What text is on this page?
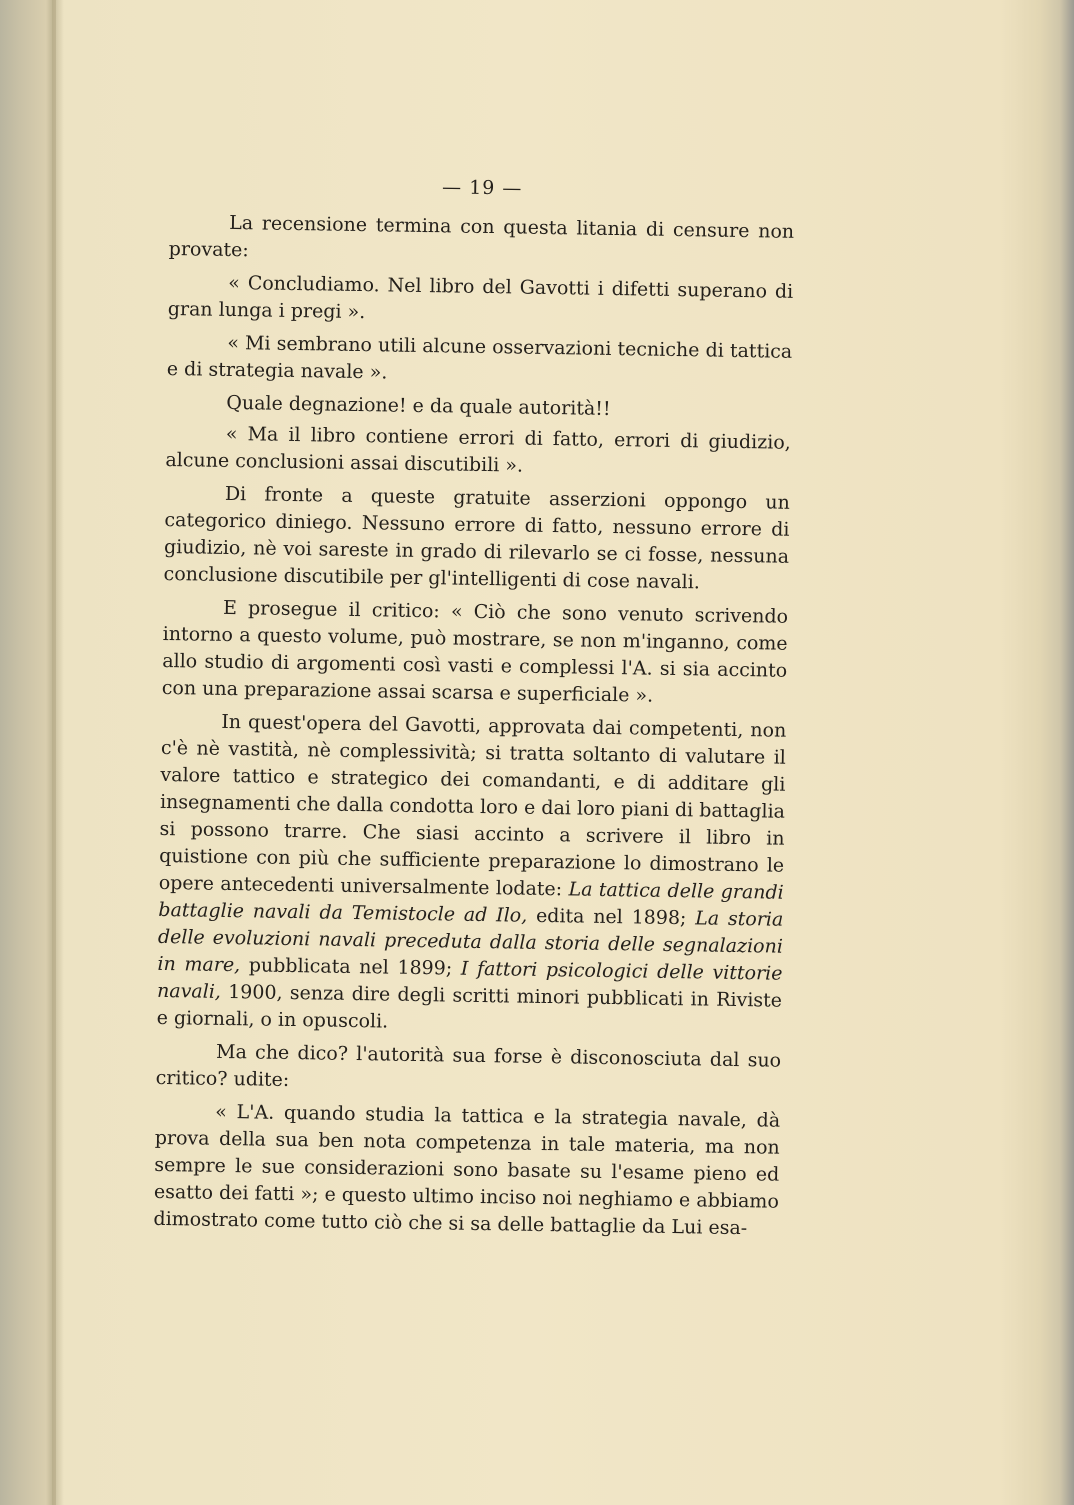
— 19 —

La recensione termina con questa litania di censure non provate:

« Concludiamo. Nel libro del Gavotti i difetti superano di gran lunga i pregi ».

« Mi sembrano utili alcune osservazioni tecniche di tattica e di strategia navale ».

Quale degnazione! e da quale autorità!!

« Ma il libro contiene errori di fatto, errori di giudizio, alcune conclusioni assai discutibili ».

Di fronte a queste gratuite asserzioni oppongo un categorico diniego. Nessuno errore di fatto, nessuno errore di giudizio, nè voi sareste in grado di rilevarlo se ci fosse, nessuna conclusione discutibile per gl'intelligenti di cose navali.

E prosegue il critico: « Ciò che sono venuto scrivendo intorno a questo volume, può mostrare, se non m'inganno, come allo studio di argomenti così vasti e complessi l'A. si sia accinto con una preparazione assai scarsa e superficiale ».

In quest'opera del Gavotti, approvata dai competenti, non c'è nè vastità, nè complessività; si tratta soltanto di valutare il valore tattico e strategico dei comandanti, e di additare gli insegnamenti che dalla condotta loro e dai loro piani di battaglia si possono trarre. Che siasi accinto a scrivere il libro in quistione con più che sufficiente preparazione lo dimostrano le opere antecedenti universalmente lodate: La tattica delle grandi battaglie navali da Temistocle ad Ilo, edita nel 1898; La storia delle evoluzioni navali preceduta dalla storia delle segnalazioni in mare, pubblicata nel 1899; I fattori psicologici delle vittorie navali, 1900, senza dire degli scritti minori pubblicati in Riviste e giornali, o in opuscoli.

Ma che dico? l'autorità sua forse è disconosciuta dal suo critico? udite:

« L'A. quando studia la tattica e la strategia navale, dà prova della sua ben nota competenza in tale materia, ma non sempre le sue considerazioni sono basate su l'esame pieno ed esatto dei fatti »; e questo ultimo inciso noi neghiamo e abbiamo dimostrato come tutto ciò che si sa delle battaglie da Lui esa-
